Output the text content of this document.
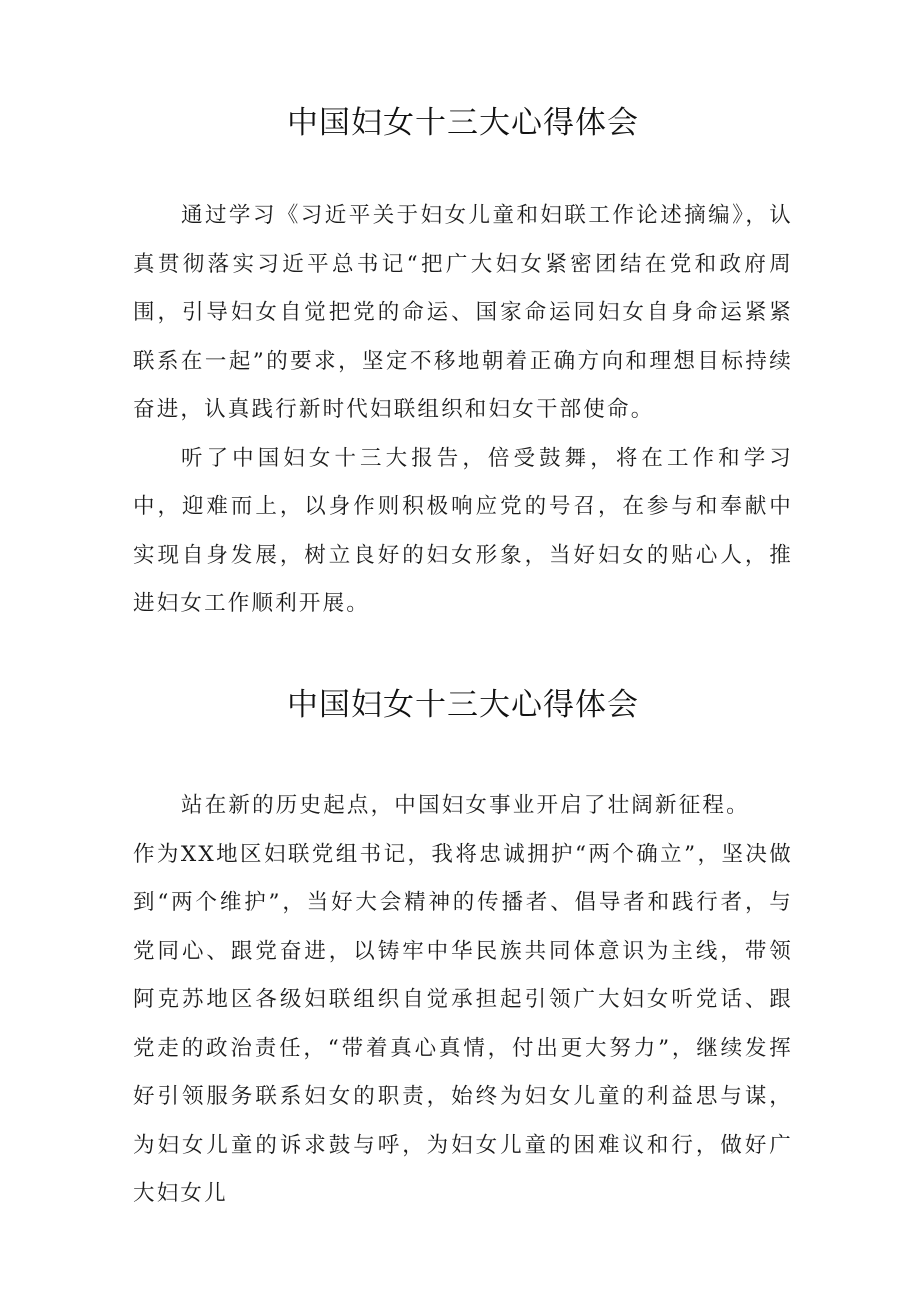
中国妇女十三大心得体会

通过学习《习近平关于妇女儿童和妇联工作论述摘编》，认真贯彻落实习近平总书记“把广大妇女紧密团结在党和政府周围，引导妇女自觉把党的命运、国家命运同妇女自身命运紧紧联系在一起”的要求，坚定不移地朝着正确方向和理想目标持续奋进，认真践行新时代妇联组织和妇女干部使命。

听了中国妇女十三大报告，倍受鼓舞，将在工作和学习中，迎难而上，以身作则积极响应党的号召，在参与和奉献中实现自身发展，树立良好的妇女形象，当好妇女的贴心人，推进妇女工作顺利开展。

中国妇女十三大心得体会

站在新的历史起点，中国妇女事业开启了壮阔新征程。

作为XX地区妇联党组书记，我将忠诚拥护“两个确立”，坚决做到“两个维护”，当好大会精神的传播者、倡导者和践行者，与党同心、跟党奋进，以铸牢中华民族共同体意识为主线，带领阿克苏地区各级妇联组织自觉承担起引领广大妇女听党话、跟党走的政治责任，“带着真心真情，付出更大努力”，继续发挥好引领服务联系妇女的职责，始终为妇女儿童的利益思与谋，为妇女儿童的诉求鼓与呼，为妇女儿童的困难议和行，做好广大妇女儿
